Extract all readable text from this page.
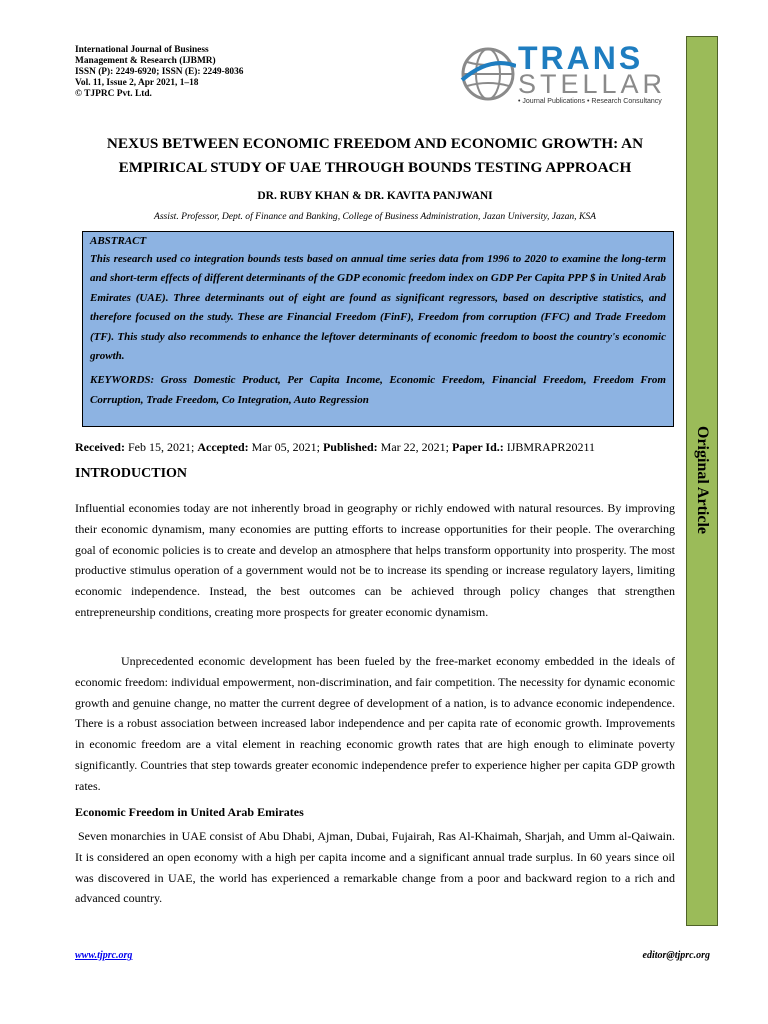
International Journal of Business
Management & Research (IJBMR)
ISSN (P): 2249-6920; ISSN (E): 2249-8036
Vol. 11, Issue 2, Apr 2021, 1–18
© TJPRC Pvt. Ltd.
TRANS
STELLAR
• Journal Publications • Research Consultancy
Original Article
NEXUS BETWEEN ECONOMIC FREEDOM AND ECONOMIC GROWTH: AN
EMPIRICAL STUDY OF UAE THROUGH BOUNDS TESTING APPROACH
DR. RUBY KHAN & DR. KAVITA PANJWANI
Assist. Professor, Dept. of Finance and Banking, College of Business Administration, Jazan University, Jazan, KSA
ABSTRACT
This research used co integration bounds tests based on annual time series data from 1996 to 2020 to examine the long-term and short-term effects of different determinants of the GDP economic freedom index on GDP Per Capita PPP $ in United Arab Emirates (UAE). Three determinants out of eight are found as significant regressors, based on descriptive statistics, and therefore focused on the study. These are Financial Freedom (FinF), Freedom from corruption (FFC) and Trade Freedom (TF). This study also recommends to enhance the leftover determinants of economic freedom to boost the country's economic growth.
KEYWORDS: Gross Domestic Product, Per Capita Income, Economic Freedom, Financial Freedom, Freedom From Corruption, Trade Freedom, Co Integration, Auto Regression
Received: Feb 15, 2021; Accepted: Mar 05, 2021; Published: Mar 22, 2021; Paper Id.: IJBMRAPR20211
INTRODUCTION

Influential economies today are not inherently broad in geography or richly endowed with natural resources. By improving their economic dynamism, many economies are putting efforts to increase opportunities for their people. The overarching goal of economic policies is to create and develop an atmosphere that helps transform opportunity into prosperity. The most productive stimulus operation of a government would not be to increase its spending or increase regulatory layers, limiting economic independence. Instead, the best outcomes can be achieved through policy changes that strengthen entrepreneurship conditions, creating more prospects for greater economic dynamism.

Unprecedented economic development has been fueled by the free-market economy embedded in the ideals of economic freedom: individual empowerment, non-discrimination, and fair competition. The necessity for dynamic economic growth and genuine change, no matter the current degree of development of a nation, is to advance economic independence. There is a robust association between increased labor independence and per capita rate of economic growth. Improvements in economic freedom are a vital element in reaching economic growth rates that are high enough to eliminate poverty significantly. Countries that step towards greater economic independence prefer to experience higher per capita GDP growth rates.

Economic Freedom in United Arab Emirates

Seven monarchies in UAE consist of Abu Dhabi, Ajman, Dubai, Fujairah, Ras Al-Khaimah, Sharjah, and Umm al-Qaiwain. It is considered an open economy with a high per capita income and a significant annual trade surplus. In 60 years since oil was discovered in UAE, the world has experienced a remarkable change from a poor and backward region to a rich and advanced country.

www.tjprc.org	editor@tjprc.org
